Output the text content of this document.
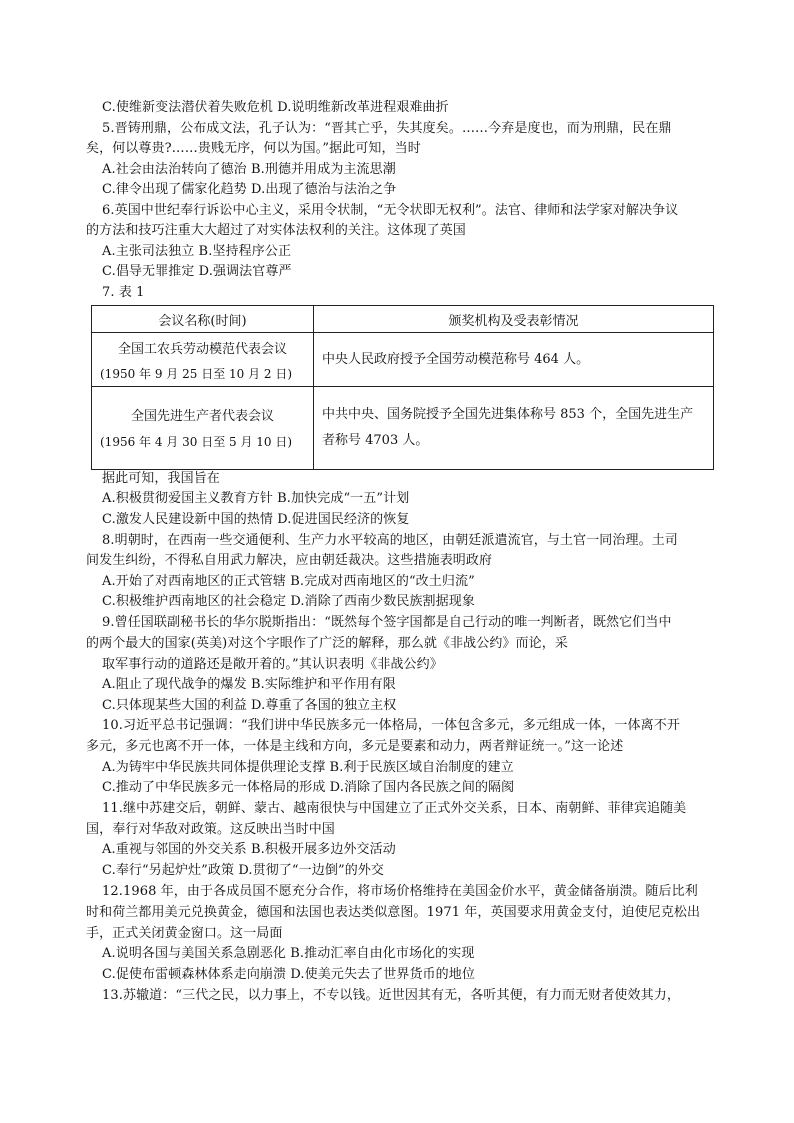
C.使维新变法潜伏着失败危机 D.说明维新改革进程艰难曲折
5.晋铸刑鼎，公布成文法，孔子认为：“晋其亡乎，失其度矣。……今弃是度也，而为刑鼎，民在鼎
矣，何以尊贵?……贵贱无序，何以为国。”据此可知，当时
A.社会由法治转向了德治 B.刑德并用成为主流思潮
C.律令出现了儒家化趋势 D.出现了德治与法治之争
6.英国中世纪奉行诉讼中心主义，采用令状制，“无令状即无权利”。法官、律师和法学家对解决争议
的方法和技巧注重大大超过了对实体法权利的关注。这体现了英国
A.主张司法独立 B.坚持程序公正
C.倡导无罪推定 D.强调法官尊严
7. 表 1
会议名称(时间)	颁奖机构及受表彰情况

全国工农兵劳动模范代表会议
(1950 年 9 月 25 日至 10 月 2 日)	中央人民政府授予全国劳动模范称号 464 人。

全国先进生产者代表会议
(1956 年 4 月 30 日至 5 月 10 日)	中共中央、国务院授予全国先进集体称号 853 个，全国先进生产者称号 4703 人。
据此可知，我国旨在
A.积极贯彻爱国主义教育方针 B.加快完成“一五”计划
C.激发人民建设新中国的热情 D.促进国民经济的恢复
8.明朝时，在西南一些交通便利、生产力水平较高的地区，由朝廷派遣流官，与土官一同治理。土司
间发生纠纷，不得私自用武力解决，应由朝廷裁决。这些措施表明政府
A.开始了对西南地区的正式管辖 B.完成对西南地区的“改土归流”
C.积极维护西南地区的社会稳定 D.消除了西南少数民族割据现象
9.曾任国联副秘书长的华尔脱斯指出：“既然每个签字国都是自己行动的唯一判断者，既然它们当中
的两个最大的国家(英美)对这个字眼作了广泛的解释，那么就《非战公约》而论，采
取军事行动的道路还是敞开着的。”其认识表明《非战公约》
A.阻止了现代战争的爆发 B.实际维护和平作用有限
C.只体现某些大国的利益 D.尊重了各国的独立主权
10.习近平总书记强调：“我们讲中华民族多元一体格局，一体包含多元，多元组成一体，一体离不开
多元，多元也离不开一体，一体是主线和方向，多元是要素和动力，两者辩证统一。”这一论述
A.为铸牢中华民族共同体提供理论支撑 B.利于民族区域自治制度的建立
C.推动了中华民族多元一体格局的形成 D.消除了国内各民族之间的隔阂
11.继中苏建交后，朝鲜、蒙古、越南很快与中国建立了正式外交关系，日本、南朝鲜、菲律宾追随美
国，奉行对华敌对政策。这反映出当时中国
A.重视与邻国的外交关系 B.积极开展多边外交活动
C.奉行“另起炉灶”政策 D.贯彻了“一边倒”的外交
12.1968 年，由于各成员国不愿充分合作，将市场价格维持在美国金价水平，黄金储备崩溃。随后比利
时和荷兰都用美元兑换黄金，德国和法国也表达类似意图。1971 年，英国要求用黄金支付，迫使尼克松出
手，正式关闭黄金窗口。这一局面
A.说明各国与美国关系急剧恶化 B.推动汇率自由化市场化的实现
C.促使布雷顿森林体系走向崩溃 D.使美元失去了世界货币的地位
13.苏辙道：“三代之民，以力事上，不专以钱。近世因其有无，各听其便，有力而无财者使效其力，
